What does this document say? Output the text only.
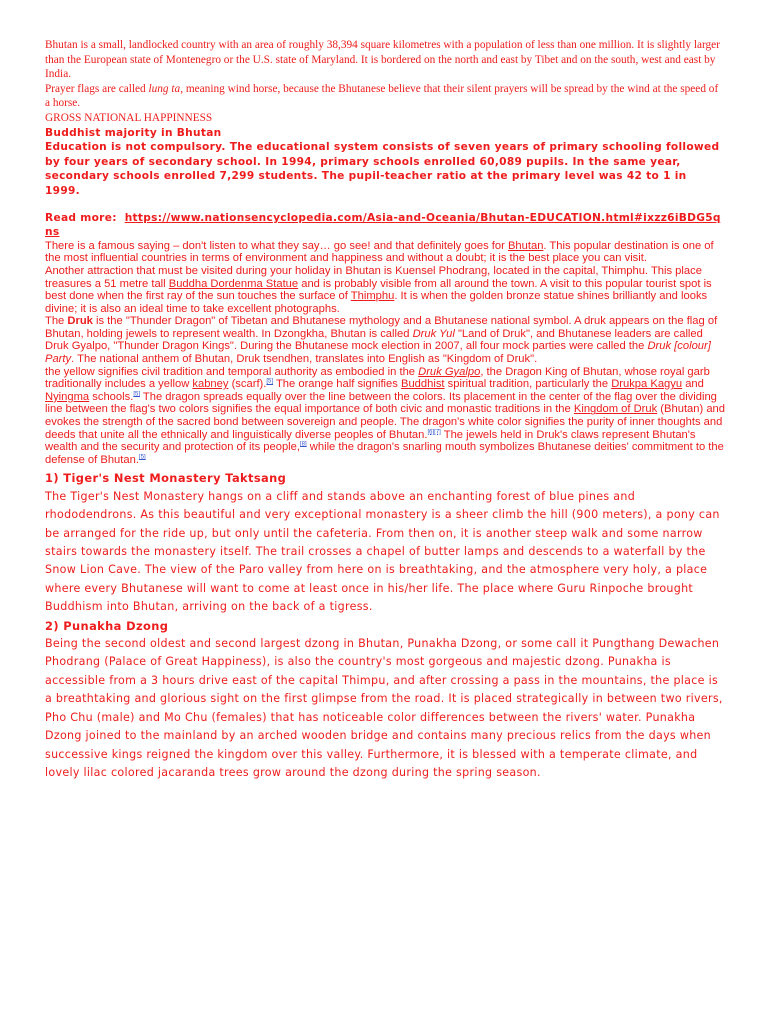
Bhutan is a small, landlocked country with an area of roughly 38,394 square kilometres with a population of less than one million. It is slightly larger than the European state of Montenegro or the U.S. state of Maryland. It is bordered on the north and east by Tibet and on the south, west and east by India.

Prayer flags are called lung ta, meaning wind horse, because the Bhutanese believe that their silent prayers will be spread by the wind at the speed of a horse.

GROSS NATIONAL HAPPINNESS

Buddhist majority in Bhutan

Education is not compulsory. The educational system consists of seven years of primary schooling followed by four years of secondary school. In 1994, primary schools enrolled 60,089 pupils. In the same year, secondary schools enrolled 7,299 students. The pupil-teacher ratio at the primary level was 42 to 1 in 1999.

Read more: https://www.nationsencyclopedia.com/Asia-and-Oceania/Bhutan-EDUCATION.html#ixzz6iBDG5qns

There is a famous saying – don't listen to what they say… go see! and that definitely goes for Bhutan. This popular destination is one of the most influential countries in terms of environment and happiness and without a doubt; it is the best place you can visit.

Another attraction that must be visited during your holiday in Bhutan is Kuensel Phodrang, located in the capital, Thimphu. This place treasures a 51 metre tall Buddha Dordenma Statue and is probably visible from all around the town. A visit to this popular tourist spot is best done when the first ray of the sun touches the surface of Thimphu. It is when the golden bronze statue shines brilliantly and looks divine; it is also an ideal time to take excellent photographs.

The Druk is the "Thunder Dragon" of Tibetan and Bhutanese mythology and a Bhutanese national symbol. A druk appears on the flag of Bhutan, holding jewels to represent wealth. In Dzongkha, Bhutan is called Druk Yul "Land of Druk", and Bhutanese leaders are called Druk Gyalpo, "Thunder Dragon Kings". During the Bhutanese mock election in 2007, all four mock parties were called the Druk [colour] Party. The national anthem of Bhutan, Druk tsendhen, translates into English as "Kingdom of Druk".

the yellow signifies civil tradition and temporal authority as embodied in the Druk Gyalpo, the Dragon King of Bhutan, whose royal garb traditionally includes a yellow kabney (scarf).[5] The orange half signifies Buddhist spiritual tradition, particularly the Drukpa Kagyu and Nyingma schools.[5] The dragon spreads equally over the line between the colors. Its placement in the center of the flag over the dividing line between the flag's two colors signifies the equal importance of both civic and monastic traditions in the Kingdom of Druk (Bhutan) and evokes the strength of the sacred bond between sovereign and people. The dragon's white color signifies the purity of inner thoughts and deeds that unite all the ethnically and linguistically diverse peoples of Bhutan.[6][7] The jewels held in Druk's claws represent Bhutan's wealth and the security and protection of its people,[8] while the dragon's snarling mouth symbolizes Bhutanese deities' commitment to the defense of Bhutan.[5]

1) Tiger's Nest Monastery Taktsang

The Tiger's Nest Monastery hangs on a cliff and stands above an enchanting forest of blue pines and rhododendrons. As this beautiful and very exceptional monastery is a sheer climb the hill (900 meters), a pony can be arranged for the ride up, but only until the cafeteria. From then on, it is another steep walk and some narrow stairs towards the monastery itself. The trail crosses a chapel of butter lamps and descends to a waterfall by the Snow Lion Cave. The view of the Paro valley from here on is breathtaking, and the atmosphere very holy, a place where every Bhutanese will want to come at least once in his/her life. The place where Guru Rinpoche brought Buddhism into Bhutan, arriving on the back of a tigress.

2) Punakha Dzong

Being the second oldest and second largest dzong in Bhutan, Punakha Dzong, or some call it Pungthang Dewachen Phodrang (Palace of Great Happiness), is also the country's most gorgeous and majestic dzong. Punakha is accessible from a 3 hours drive east of the capital Thimpu, and after crossing a pass in the mountains, the place is a breathtaking and glorious sight on the first glimpse from the road. It is placed strategically in between two rivers, Pho Chu (male) and Mo Chu (females) that has noticeable color differences between the rivers' water. Punakha Dzong joined to the mainland by an arched wooden bridge and contains many precious relics from the days when successive kings reigned the kingdom over this valley. Furthermore, it is blessed with a temperate climate, and lovely lilac colored jacaranda trees grow around the dzong during the spring season.
